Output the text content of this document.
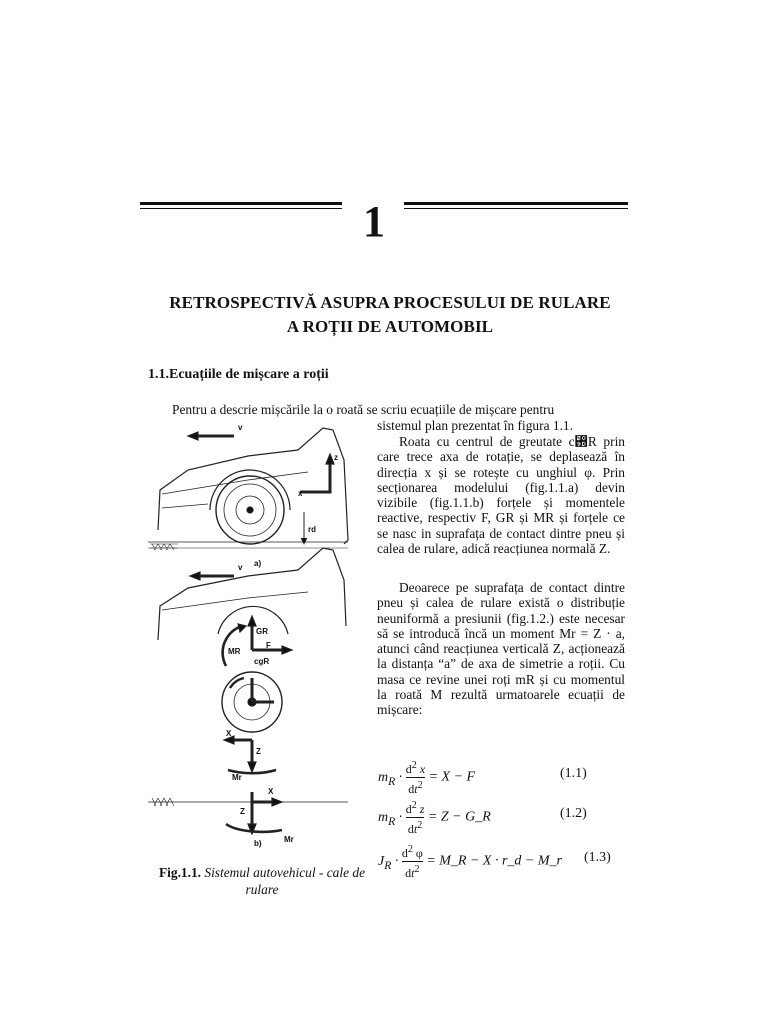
1
RETROSPECTIVĂ ASUPRA PROCESULUI DE RULARE
A ROȚII DE AUTOMOBIL
1.1.Ecuațiile de mișcare a roții
Pentru a descrie mișcările la o roată se scriu ecuațiile de mișcare pentru
sistemul plan prezentat în figura 1.1.
Roata cu centrul de greutate c₝R prin care trece axa de rotație, se deplasează în direcția x și se rotește cu unghiul φ. Prin secționarea modelului (fig.1.1.a) devin vizibile (fig.1.1.b) forțele și momentele reactive, respectiv F, GR și MR și forțele ce se nasc in suprafața de contact dintre pneu și calea de rulare, adică reacțiunea normală Z.
Deoarece pe suprafața de contact dintre pneu și calea de rulare există o distribuție neuniformă a presiunii (fig.1.2.) este necesar să se introducă încă un moment Mr = Z · a, atunci când reacțiunea verticală Z, acționează la distanța “a” de axa de simetrie a roții. Cu masa ce revine unei roți mR și cu momentul la roată M rezultă urmatoarele ecuații de mișcare:
$m_R \cdot \frac{d^2 x}{dt^2} = X - F$	(1.1)
$m_R \cdot \frac{d^2 z}{dt^2} = Z$ − G_R	(1.2)
$J_R \cdot \frac{d^2 \varphi}{dt^2}$ = M_R − X · r_d − M_r (1.3)
v
z
x
rd
a)
v
GR
MR
F
cgR
X
Z
Mr
Z
X
Mr
b)
Fig.1.1. Sistemul autovehicul - cale de rulare
